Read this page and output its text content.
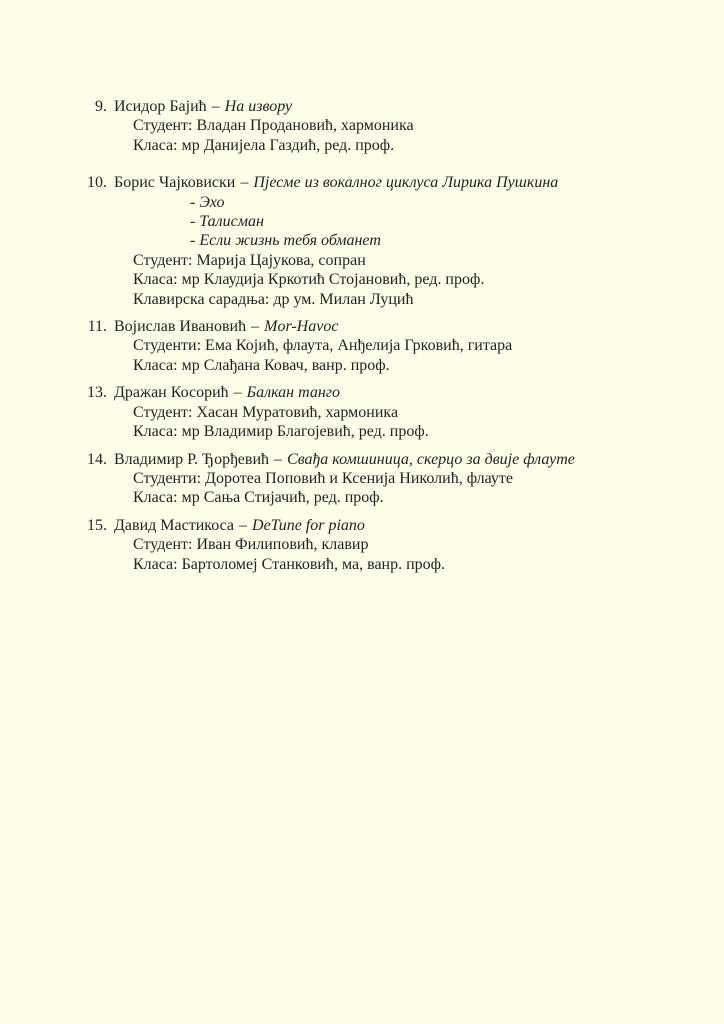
9. Исидор Бајић – На извору
Студент: Владан Продановић, хармоника
Класа: мр Данијела Газдић, ред. проф.
10. Борис Чајковиски – Пјесме из вокалног циклуса Лирика Пушкина
- Эхо
- Талисман
- Если жизнь тебя обманет
Студент: Марија Цајукова, сопран
Класа: мр Клаудија Кркотић Стојановић, ред. проф.
Клавирска сарадња: др ум. Милан Луцић
11. Војислав Ивановић – Mor-Havoc
Студенти: Ема Којић, флаута, Анђелија Грковић, гитара
Класа: мр Слађана Ковач, ванр. проф.
13. Дражан Косорић – Балкан танго
Студент: Хасан Муратовић, хармоника
Класа: мр Владимир Благојевић, ред. проф.
14. Владимир Р. Ђорђевић – Свађа комшиница, скерцо за двије флауте
Студенти: Доротеа Поповић и Ксенија Николић, флауте
Класа: мр Сања Стијачић, ред. проф.
15. Давид Мастикоса – DeTune for piano
Студент: Иван Филиповић, клавир
Класа: Бартоломеј Станковић, ма, ванр. проф.
